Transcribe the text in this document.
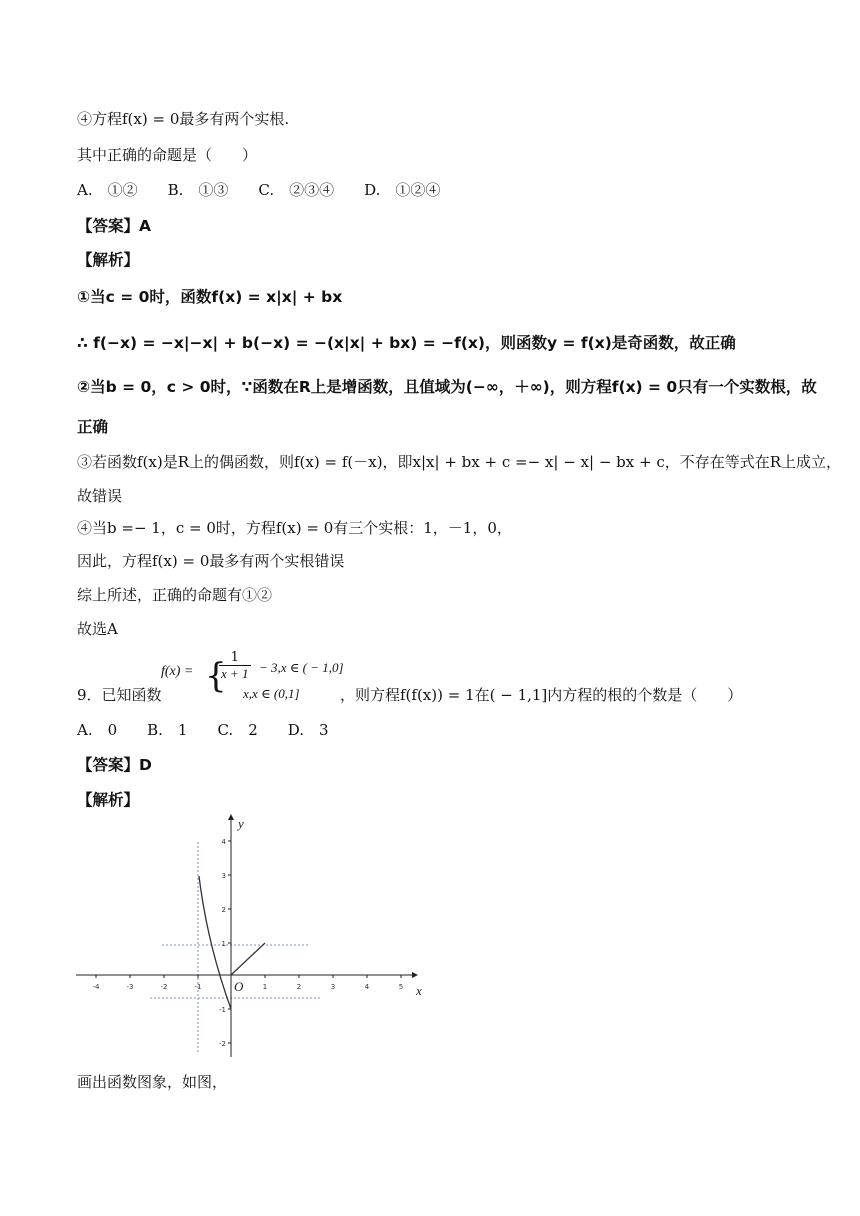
④方程f(x) = 0最多有两个实根.
其中正确的命题是（　　）
A.　①②　　B.　①③　　C.　②③④　　D.　①②④
【答案】A
【解析】
①当c = 0时，函数f(x) = x|x| + bx
∴ f(−x) = −x|−x| + b(−x) = −(x|x| + bx) = −f(x)，则函数y = f(x)是奇函数，故正确
②当b = 0，c > 0时，∵函数在R上是增函数，且值域为(−∞，＋∞)，则方程f(x) = 0只有一个实数根，故
正确
③若函数f(x)是R上的偶函数，则f(x) = f(－x)，即x|x| + bx + c =− x| − x| − bx + c，不存在等式在R上成立，
故错误
④当b =− 1，c = 0时，方程f(x) = 0有三个实根：1，－1，0，
因此，方程f(x) = 0最多有两个实根错误
综上所述，正确的命题有①②
故选A
9．已知函数
f(x) = {
$\frac{1}{x + 1} - 3,x$ ∈ ( − 1,0]
x,x ∈ (0,1]	，则方程f(f(x)) = 1在( − 1,1]内方程的根的个数是（　　）
A.　0　　B.　1　　C.　2　　D.　3
【答案】D
【解析】
-4	-3	-2	-1	1	2	3	4	5
4
3
2
1
-1
-2
y
x
O
画出函数图象，如图，
